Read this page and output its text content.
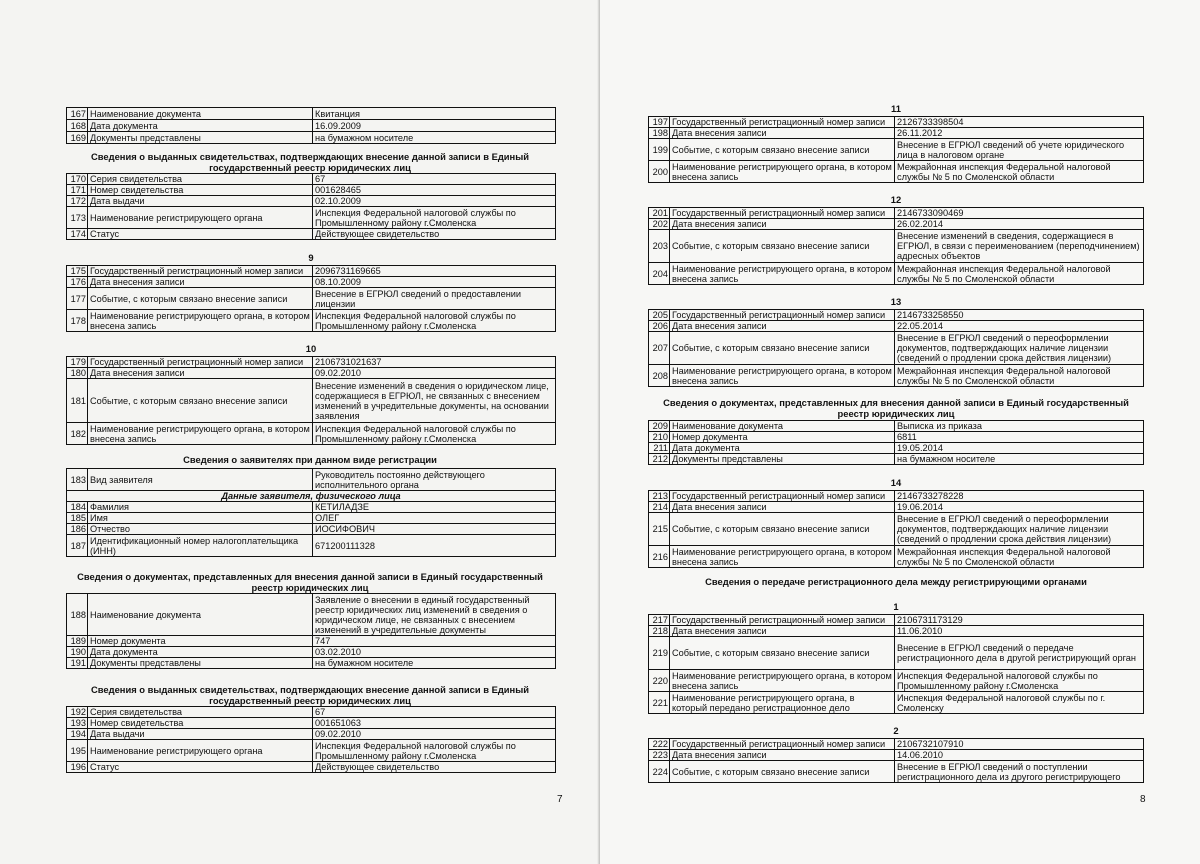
167	Наименование документа	Квитанция
168	Дата документа	16.09.2009
169	Документы представлены	на бумажном носителе
Сведения о выданных свидетельствах, подтверждающих внесение данной записи в Единый государственный реестр юридических лиц
170	Серия свидетельства	67
171	Номер свидетельства	001628465
172	Дата выдачи	02.10.2009
173	Наименование регистрирующего органа	Инспекция Федеральной налоговой службы по Промышленному району г.Смоленска
174	Статус	Действующее свидетельство
9
175	Государственный регистрационный номер записи	2096731169665
176	Дата внесения записи	08.10.2009
177	Событие, с которым связано внесение записи	Внесение в ЕГРЮЛ сведений о предоставлении лицензии
178	Наименование регистрирующего органа, в котором внесена запись	Инспекция Федеральной налоговой службы по Промышленному району г.Смоленска
10
179	Государственный регистрационный номер записи	2106731021637
180	Дата внесения записи	09.02.2010
181	Событие, с которым связано внесение записи	Внесение изменений в сведения о юридическом лице, содержащиеся в ЕГРЮЛ, не связанных с внесением изменений в учредительные документы, на основании заявления
182	Наименование регистрирующего органа, в котором внесена запись	Инспекция Федеральной налоговой службы по Промышленному району г.Смоленска
Сведения о заявителях при данном виде регистрации
183	Вид заявителя	Руководитель постоянно действующего исполнительного органа
Данные заявителя, физического лица		
184	Фамилия	КЕТИЛАДЗЕ
185	Имя	ОЛЕГ
186	Отчество	ИОСИФОВИЧ
187	Идентификационный номер налогоплательщика (ИНН)	671200111328
Сведения о документах, представленных для внесения данной записи в Единый государственный реестр юридических лиц
188	Наименование документа	Заявление о внесении в единый государственный реестр юридических лиц изменений в сведения о юридическом лице, не связанных с внесением изменений в учредительные документы
189	Номер документа	747
190	Дата документа	03.02.2010
191	Документы представлены	на бумажном носителе
Сведения о выданных свидетельствах, подтверждающих внесение данной записи в Единый государственный реестр юридических лиц
192	Серия свидетельства	67
193	Номер свидетельства	001651063
194	Дата выдачи	09.02.2010
195	Наименование регистрирующего органа	Инспекция Федеральной налоговой службы по Промышленному району г.Смоленска
196	Статус	Действующее свидетельство
7
11
197	Государственный регистрационный номер записи	2126733398504
198	Дата внесения записи	26.11.2012
199	Событие, с которым связано внесение записи	Внесение в ЕГРЮЛ сведений об учете юридического лица в налоговом органе
200	Наименование регистрирующего органа, в котором внесена запись	Межрайонная инспекция Федеральной налоговой службы № 5 по Смоленской области
12
201	Государственный регистрационный номер записи	2146733090469
202	Дата внесения записи	26.02.2014
203	Событие, с которым связано внесение записи	Внесение изменений в сведения, содержащиеся в ЕГРЮЛ, в связи с переименованием (переподчинением) адресных объектов
204	Наименование регистрирующего органа, в котором внесена запись	Межрайонная инспекция Федеральной налоговой службы № 5 по Смоленской области
13
205	Государственный регистрационный номер записи	2146733258550
206	Дата внесения записи	22.05.2014
207	Событие, с которым связано внесение записи	Внесение в ЕГРЮЛ сведений о переоформлении документов, подтверждающих наличие лицензии (сведений о продлении срока действия лицензии)
208	Наименование регистрирующего органа, в котором внесена запись	Межрайонная инспекция Федеральной налоговой службы № 5 по Смоленской области
Сведения о документах, представленных для внесения данной записи в Единый государственный реестр юридических лиц
209	Наименование документа	Выписка из приказа
210	Номер документа	6811
211	Дата документа	19.05.2014
212	Документы представлены	на бумажном носителе
14
213	Государственный регистрационный номер записи	2146733278228
214	Дата внесения записи	19.06.2014
215	Событие, с которым связано внесение записи	Внесение в ЕГРЮЛ сведений о переоформлении документов, подтверждающих наличие лицензии (сведений о продлении срока действия лицензии)
216	Наименование регистрирующего органа, в котором внесена запись	Межрайонная инспекция Федеральной налоговой службы № 5 по Смоленской области
Сведения о передаче регистрационного дела между регистрирующими органами
1
217	Государственный регистрационный номер записи	2106731173129
218	Дата внесения записи	11.06.2010
219	Событие, с которым связано внесение записи	Внесение в ЕГРЮЛ сведений о передаче регистрационного дела в другой регистрирующий орган
220	Наименование регистрирующего органа, в котором внесена запись	Инспекция Федеральной налоговой службы по Промышленному району г.Смоленска
221	Наименование регистрирующего органа, в который передано регистрационное дело	Инспекция Федеральной налоговой службы по г. Смоленску
2
222	Государственный регистрационный номер записи	2106732107910
223	Дата внесения записи	14.06.2010
224	Событие, с которым связано внесение записи	Внесение в ЕГРЮЛ сведений о поступлении регистрационного дела из другого регистрирующего
8
